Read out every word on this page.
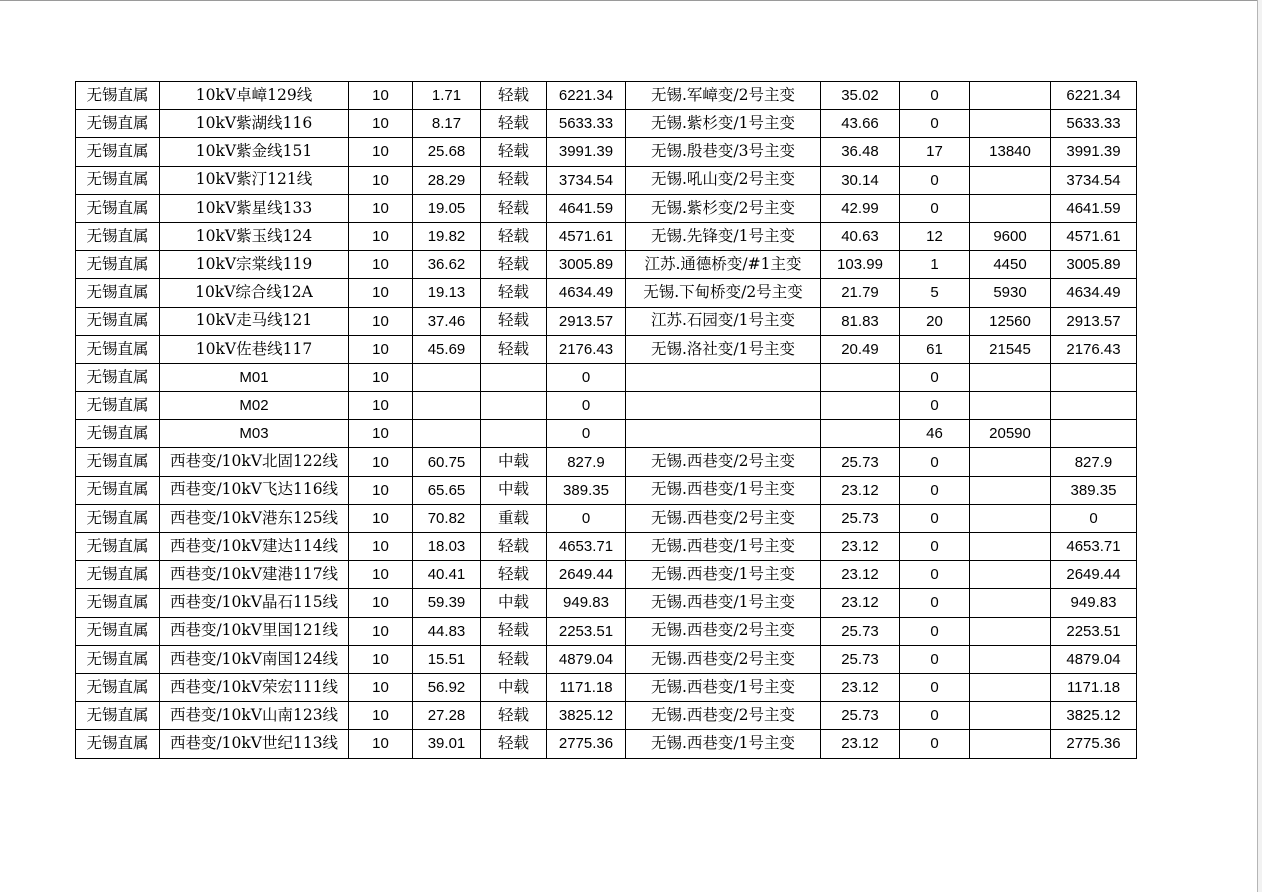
无锡直属	10kV卓嶂129线	10	1.71	轻载	6221.34	无锡.军嶂变/2号主变	35.02	0		6221.34
无锡直属	10kV紫湖线116	10	8.17	轻载	5633.33	无锡.紫杉变/1号主变	43.66	0		5633.33
无锡直属	10kV紫金线151	10	25.68	轻载	3991.39	无锡.殷巷变/3号主变	36.48	17	13840	3991.39
无锡直属	10kV紫汀121线	10	28.29	轻载	3734.54	无锡.吼山变/2号主变	30.14	0		3734.54
无锡直属	10kV紫星线133	10	19.05	轻载	4641.59	无锡.紫杉变/2号主变	42.99	0		4641.59
无锡直属	10kV紫玉线124	10	19.82	轻载	4571.61	无锡.先锋变/1号主变	40.63	12	9600	4571.61
无锡直属	10kV宗棠线119	10	36.62	轻载	3005.89	江苏.通德桥变/#1主变	103.99	1	4450	3005.89
无锡直属	10kV综合线12A	10	19.13	轻载	4634.49	无锡.下甸桥变/2号主变	21.79	5	5930	4634.49
无锡直属	10kV走马线121	10	37.46	轻载	2913.57	江苏.石园变/1号主变	81.83	20	12560	2913.57
无锡直属	10kV佐巷线117	10	45.69	轻载	2176.43	无锡.洛社变/1号主变	20.49	61	21545	2176.43
无锡直属	M01	10			0			0		
无锡直属	M02	10			0			0		
无锡直属	M03	10			0			46	20590	
无锡直属	西巷变/10kV北固122线	10	60.75	中载	827.9	无锡.西巷变/2号主变	25.73	0		827.9
无锡直属	西巷变/10kV飞达116线	10	65.65	中载	389.35	无锡.西巷变/1号主变	23.12	0		389.35
无锡直属	西巷变/10kV港东125线	10	70.82	重载	0	无锡.西巷变/2号主变	25.73	0		0
无锡直属	西巷变/10kV建达114线	10	18.03	轻载	4653.71	无锡.西巷变/1号主变	23.12	0		4653.71
无锡直属	西巷变/10kV建港117线	10	40.41	轻载	2649.44	无锡.西巷变/1号主变	23.12	0		2649.44
无锡直属	西巷变/10kV晶石115线	10	59.39	中载	949.83	无锡.西巷变/1号主变	23.12	0		949.83
无锡直属	西巷变/10kV里国121线	10	44.83	轻载	2253.51	无锡.西巷变/2号主变	25.73	0		2253.51
无锡直属	西巷变/10kV南国124线	10	15.51	轻载	4879.04	无锡.西巷变/2号主变	25.73	0		4879.04
无锡直属	西巷变/10kV荣宏111线	10	56.92	中载	1171.18	无锡.西巷变/1号主变	23.12	0		1171.18
无锡直属	西巷变/10kV山南123线	10	27.28	轻载	3825.12	无锡.西巷变/2号主变	25.73	0		3825.12
无锡直属	西巷变/10kV世纪113线	10	39.01	轻载	2775.36	无锡.西巷变/1号主变	23.12	0		2775.36
